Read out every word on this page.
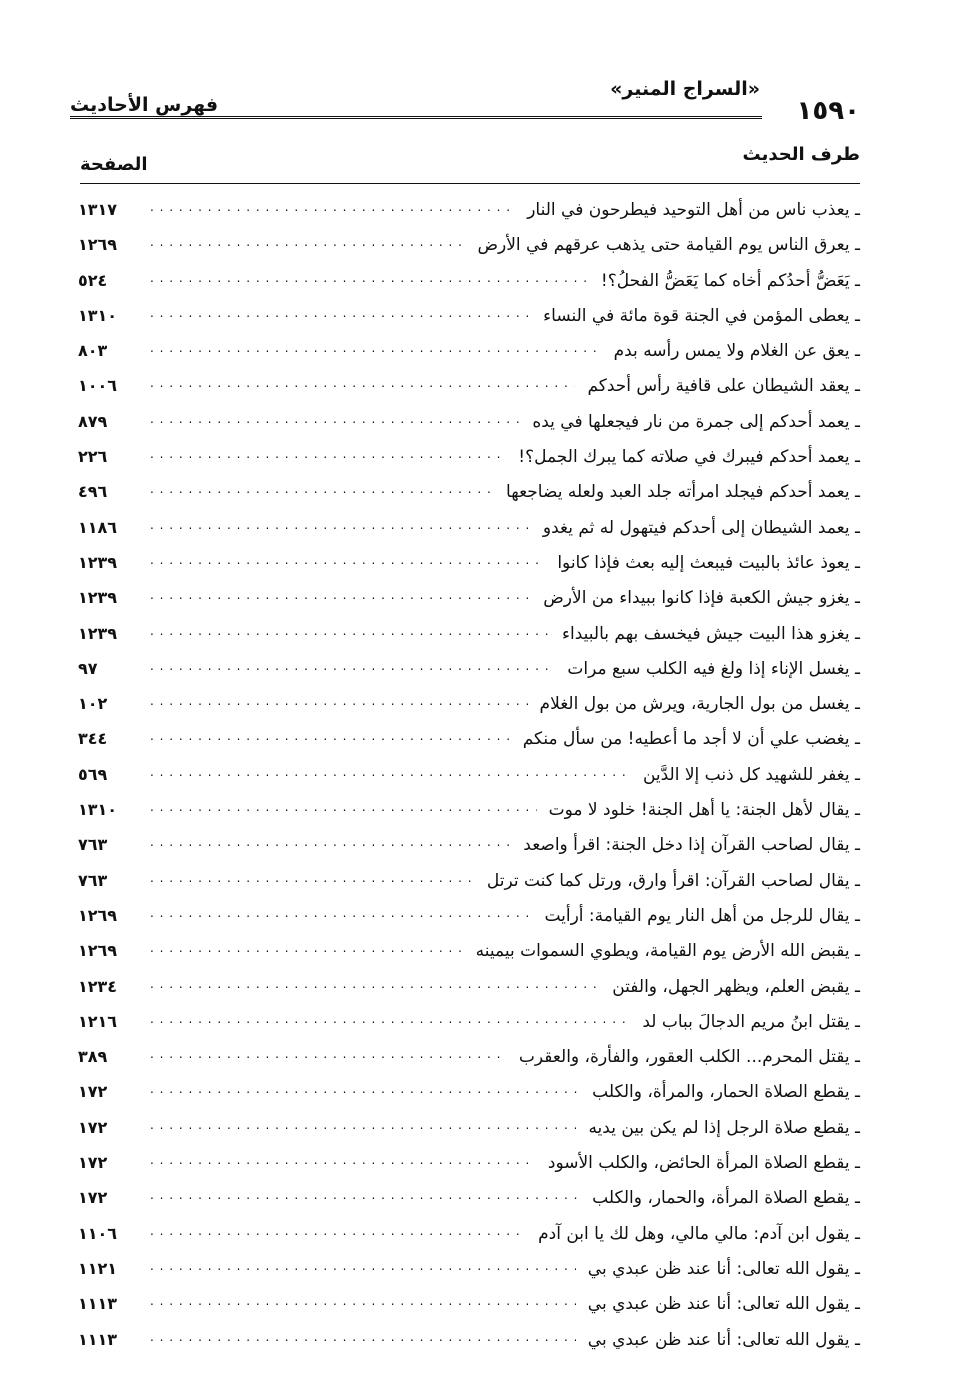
١٥٩٠
«السراج المنير»
فهرس الأحاديث
طرف الحديث
الصفحة
ـ يعذب ناس من أهل التوحيد فيطرحون في النار
. . .
١٣١٧
ـ يعرق الناس يوم القيامة حتى يذهب عرقهم في الأرض
. . .
١٢٦٩
ـ يَعَضُّ أحدُكم أخاه كما يَعَضُّ الفحلُ؟!
. . .
٥٢٤
ـ يعطى المؤمن في الجنة قوة مائة في النساء
. . .
١٣١٠
ـ يعق عن الغلام ولا يمس رأسه بدم
. . .
٨٠٣
ـ يعقد الشيطان على قافية رأس أحدكم
. . .
١٠٠٦
ـ يعمد أحدكم إلى جمرة من نار فيجعلها في يده
. . .
٨٧٩
ـ يعمد أحدكم فيبرك في صلاته كما يبرك الجمل؟!
. . .
٢٢٦
ـ يعمد أحدكم فيجلد امرأته جلد العبد ولعله يضاجعها
. . .
٤٩٦
ـ يعمد الشيطان إلى أحدكم فيتهول له ثم يغدو
. . .
١١٨٦
ـ يعوذ عائذ بالبيت فيبعث إليه بعث فإذا كانوا
. . .
١٢٣٩
ـ يغزو جيش الكعبة فإذا كانوا ببيداء من الأرض
. . .
١٢٣٩
ـ يغزو هذا البيت جيش فيخسف بهم بالبيداء
. . .
١٢٣٩
ـ يغسل الإناء إذا ولغ فيه الكلب سبع مرات
. . .
٩٧
ـ يغسل من بول الجارية، ويرش من بول الغلام
. . .
١٠٢
ـ يغضب علي أن لا أجد ما أعطيه! من سأل منكم
. . .
٣٤٤
ـ يغفر للشهيد كل ذنب إلا الدَّين
. . .
٥٦٩
ـ يقال لأهل الجنة: يا أهل الجنة! خلود لا موت
. . .
١٣١٠
ـ يقال لصاحب القرآن إذا دخل الجنة: اقرأ واصعد
. . .
٧٦٣
ـ يقال لصاحب القرآن: اقرأ وارق، ورتل كما كنت ترتل
. . .
٧٦٣
ـ يقال للرجل من أهل النار يوم القيامة: أرأيت
. . .
١٢٦٩
ـ يقبض الله الأرض يوم القيامة، ويطوي السموات بيمينه
. . .
١٢٦٩
ـ يقبض العلم، ويظهر الجهل، والفتن
. . .
١٢٣٤
ـ يقتل ابنُ مريم الدجالَ بباب لد
. . .
١٢١٦
ـ يقتل المحرم... الكلب العقور، والفأرة، والعقرب
. . .
٣٨٩
ـ يقطع الصلاة الحمار، والمرأة، والكلب
. . .
١٧٢
ـ يقطع صلاة الرجل إذا لم يكن بين يديه
. . .
١٧٢
ـ يقطع الصلاة المرأة الحائض، والكلب الأسود
. . .
١٧٢
ـ يقطع الصلاة المرأة، والحمار، والكلب
. . .
١٧٢
ـ يقول ابن آدم: مالي مالي، وهل لك يا ابن آدم
. . .
١١٠٦
ـ يقول الله تعالى: أنا عند ظن عبدي بي
. . .
١١٢١
ـ يقول الله تعالى: أنا عند ظن عبدي بي
. . .
١١١٣
ـ يقول الله تعالى: أنا عند ظن عبدي بي
. . .
١١١٣
